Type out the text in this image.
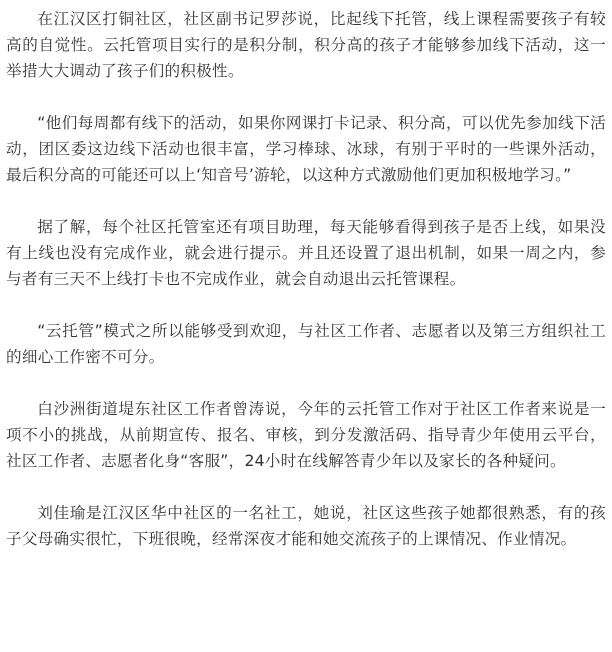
在江汉区打铜社区，社区副书记罗莎说，比起线下托管，线上课程需要孩子有较高的自觉性。云托管项目实行的是积分制，积分高的孩子才能够参加线下活动，这一举措大大调动了孩子们的积极性。

“他们每周都有线下的活动，如果你网课打卡记录、积分高，可以优先参加线下活动，团区委这边线下活动也很丰富，学习棒球、冰球，有别于平时的一些课外活动，最后积分高的可能还可以上‘知音号’游轮，以这种方式激励他们更加积极地学习。”

据了解，每个社区托管室还有项目助理，每天能够看得到孩子是否上线，如果没有上线也没有完成作业，就会进行提示。并且还设置了退出机制，如果一周之内，参与者有三天不上线打卡也不完成作业，就会自动退出云托管课程。

“云托管”模式之所以能够受到欢迎，与社区工作者、志愿者以及第三方组织社工的细心工作密不可分。

白沙洲街道堤东社区工作者曾涛说，今年的云托管工作对于社区工作者来说是一项不小的挑战，从前期宣传、报名、审核，到分发激活码、指导青少年使用云平台，社区工作者、志愿者化身“客服”，24小时在线解答青少年以及家长的各种疑问。

刘佳瑜是江汉区华中社区的一名社工，她说，社区这些孩子她都很熟悉，有的孩子父母确实很忙，下班很晚，经常深夜才能和她交流孩子的上课情况、作业情况。
